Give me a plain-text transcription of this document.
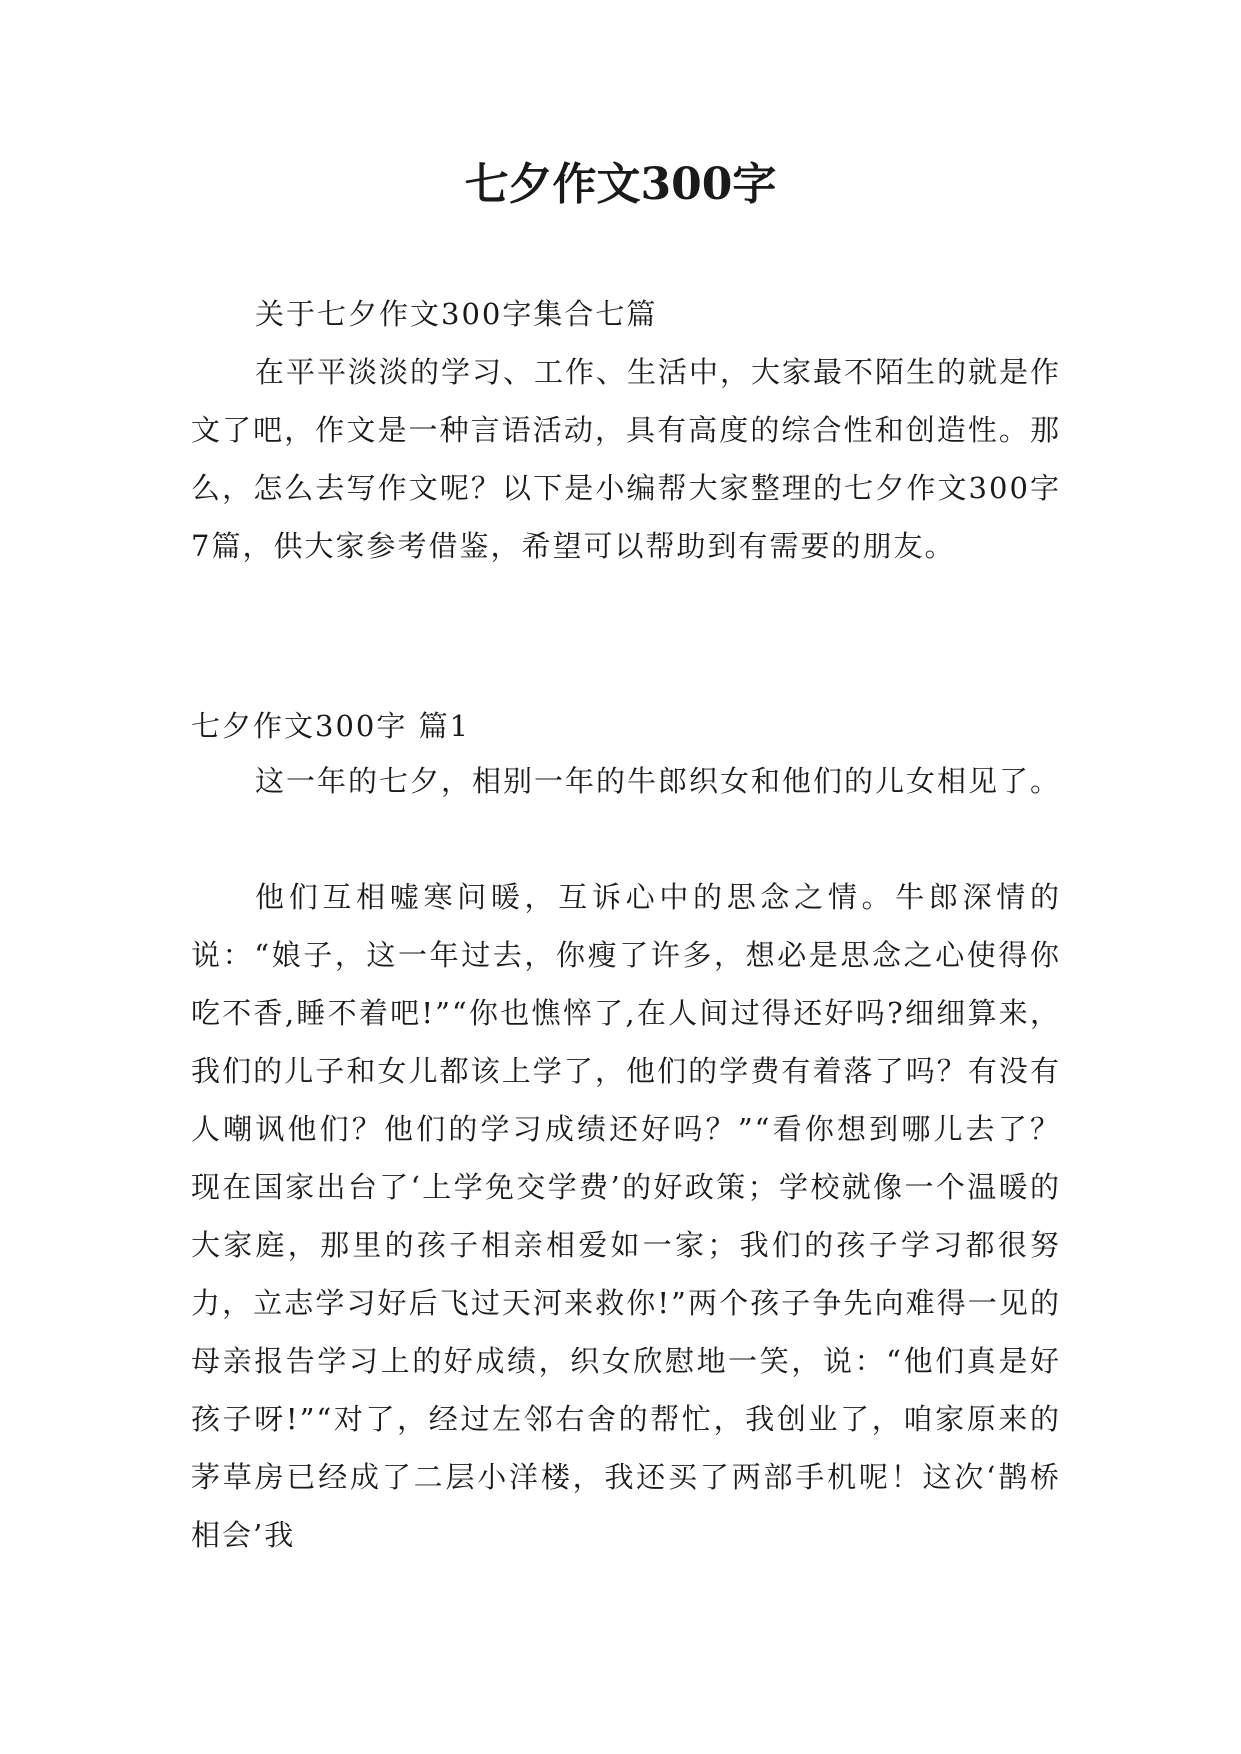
七夕作文300字

关于七夕作文300字集合七篇

在平平淡淡的学习、工作、生活中，大家最不陌生的就是作文了吧，作文是一种言语活动，具有高度的综合性和创造性。那么，怎么去写作文呢？以下是小编帮大家整理的七夕作文300字7篇，供大家参考借鉴，希望可以帮助到有需要的朋友。

七夕作文300字 篇1

这一年的七夕，相别一年的牛郎织女和他们的儿女相见了。

他们互相嘘寒问暖，互诉心中的思念之情。牛郎深情的说：“娘子，这一年过去，你瘦了许多，想必是思念之心使得你吃不香,睡不着吧!”“你也憔悴了,在人间过得还好吗?细细算来，我们的儿子和女儿都该上学了，他们的学费有着落了吗？有没有人嘲讽他们？他们的学习成绩还好吗？”“看你想到哪儿去了？现在国家出台了‘上学免交学费’的好政策；学校就像一个温暖的大家庭，那里的孩子相亲相爱如一家；我们的孩子学习都很努力，立志学习好后飞过天河来救你!”两个孩子争先向难得一见的母亲报告学习上的好成绩，织女欣慰地一笑，说：“他们真是好孩子呀!”“对了，经过左邻右舍的帮忙，我创业了，咱家原来的茅草房已经成了二层小洋楼，我还买了两部手机呢！这次‘鹊桥相会’我
